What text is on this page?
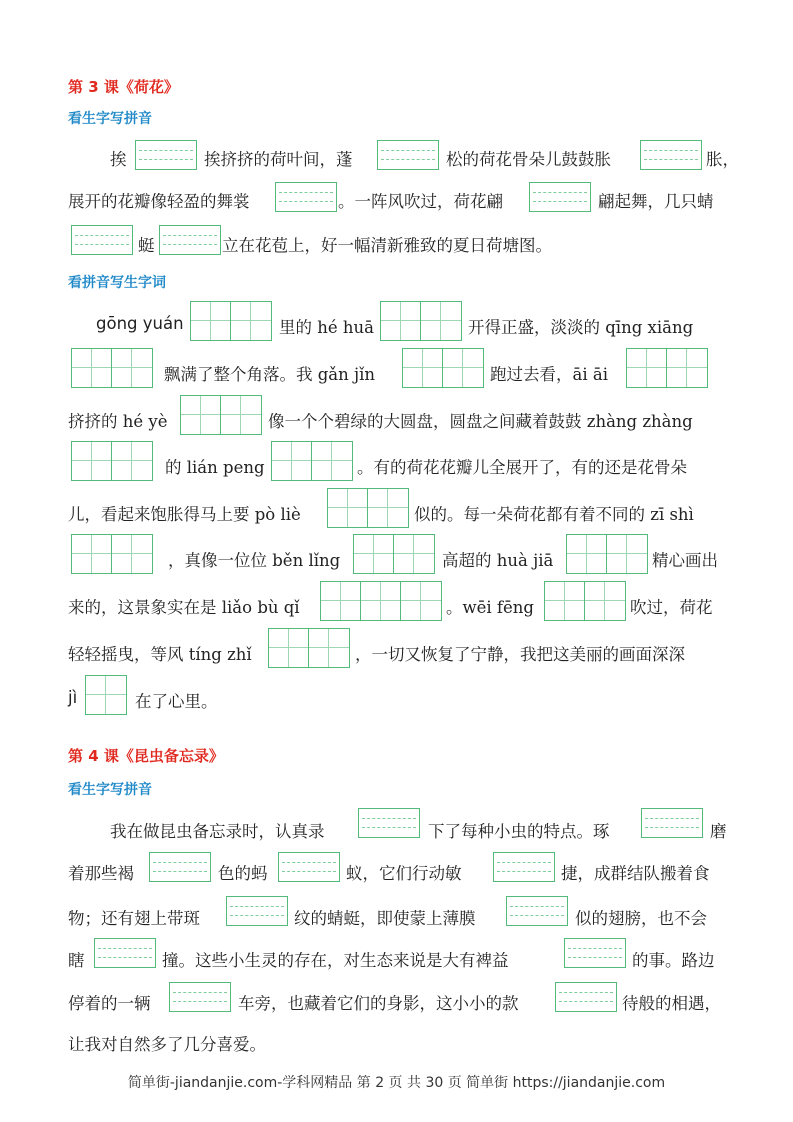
第 3 课《荷花》
看生字写拼音
挨	挨挤挤的荷叶间，蓬	松的荷花骨朵儿鼓鼓胀	胀，
展开的花瓣像轻盈的舞裳	。一阵风吹过，荷花翩	翩起舞，几只蜻
蜓	立在花苞上，好一幅清新雅致的夏日荷塘图。
看拼音写生字词
gōng yuán	里的 hé huā	开得正盛，淡淡的 qīng xiāng
飘满了整个角落。我 gǎn jǐn	跑过去看，āi āi
挤挤的 hé yè	像一个个碧绿的大圆盘，圆盘之间藏着鼓鼓 zhàng zhàng
的 lián peng	。有的荷花花瓣儿全展开了，有的还是花骨朵
儿，看起来饱胀得马上要 pò liè	似的。每一朵荷花都有着不同的 zī shì
，真像一位位 běn lǐng	高超的 huà jiā	精心画出
来的，这景象实在是 liǎo bù qǐ	。wēi fēng	吹过，荷花
轻轻摇曳，等风 tíng zhǐ	，一切又恢复了宁静，我把这美丽的画面深深
jì	在了心里。
第 4 课《昆虫备忘录》
看生字写拼音
我在做昆虫备忘录时，认真录	下了每种小虫的特点。琢	磨
着那些褐	色的蚂	蚁，它们行动敏	捷，成群结队搬着食
物；还有翅上带斑	纹的蜻蜓，即使蒙上薄膜	似的翅膀，也不会
瞎	撞。这些小生灵的存在，对生态来说是大有裨益	的事。路边
停着的一辆	车旁，也藏着它们的身影，这小小的款	待般的相遇，
让我对自然多了几分喜爱。
简单街-jiandanjie.com-学科网精品 第 2 页 共 30 页 简单街 https://jiandanjie.com
